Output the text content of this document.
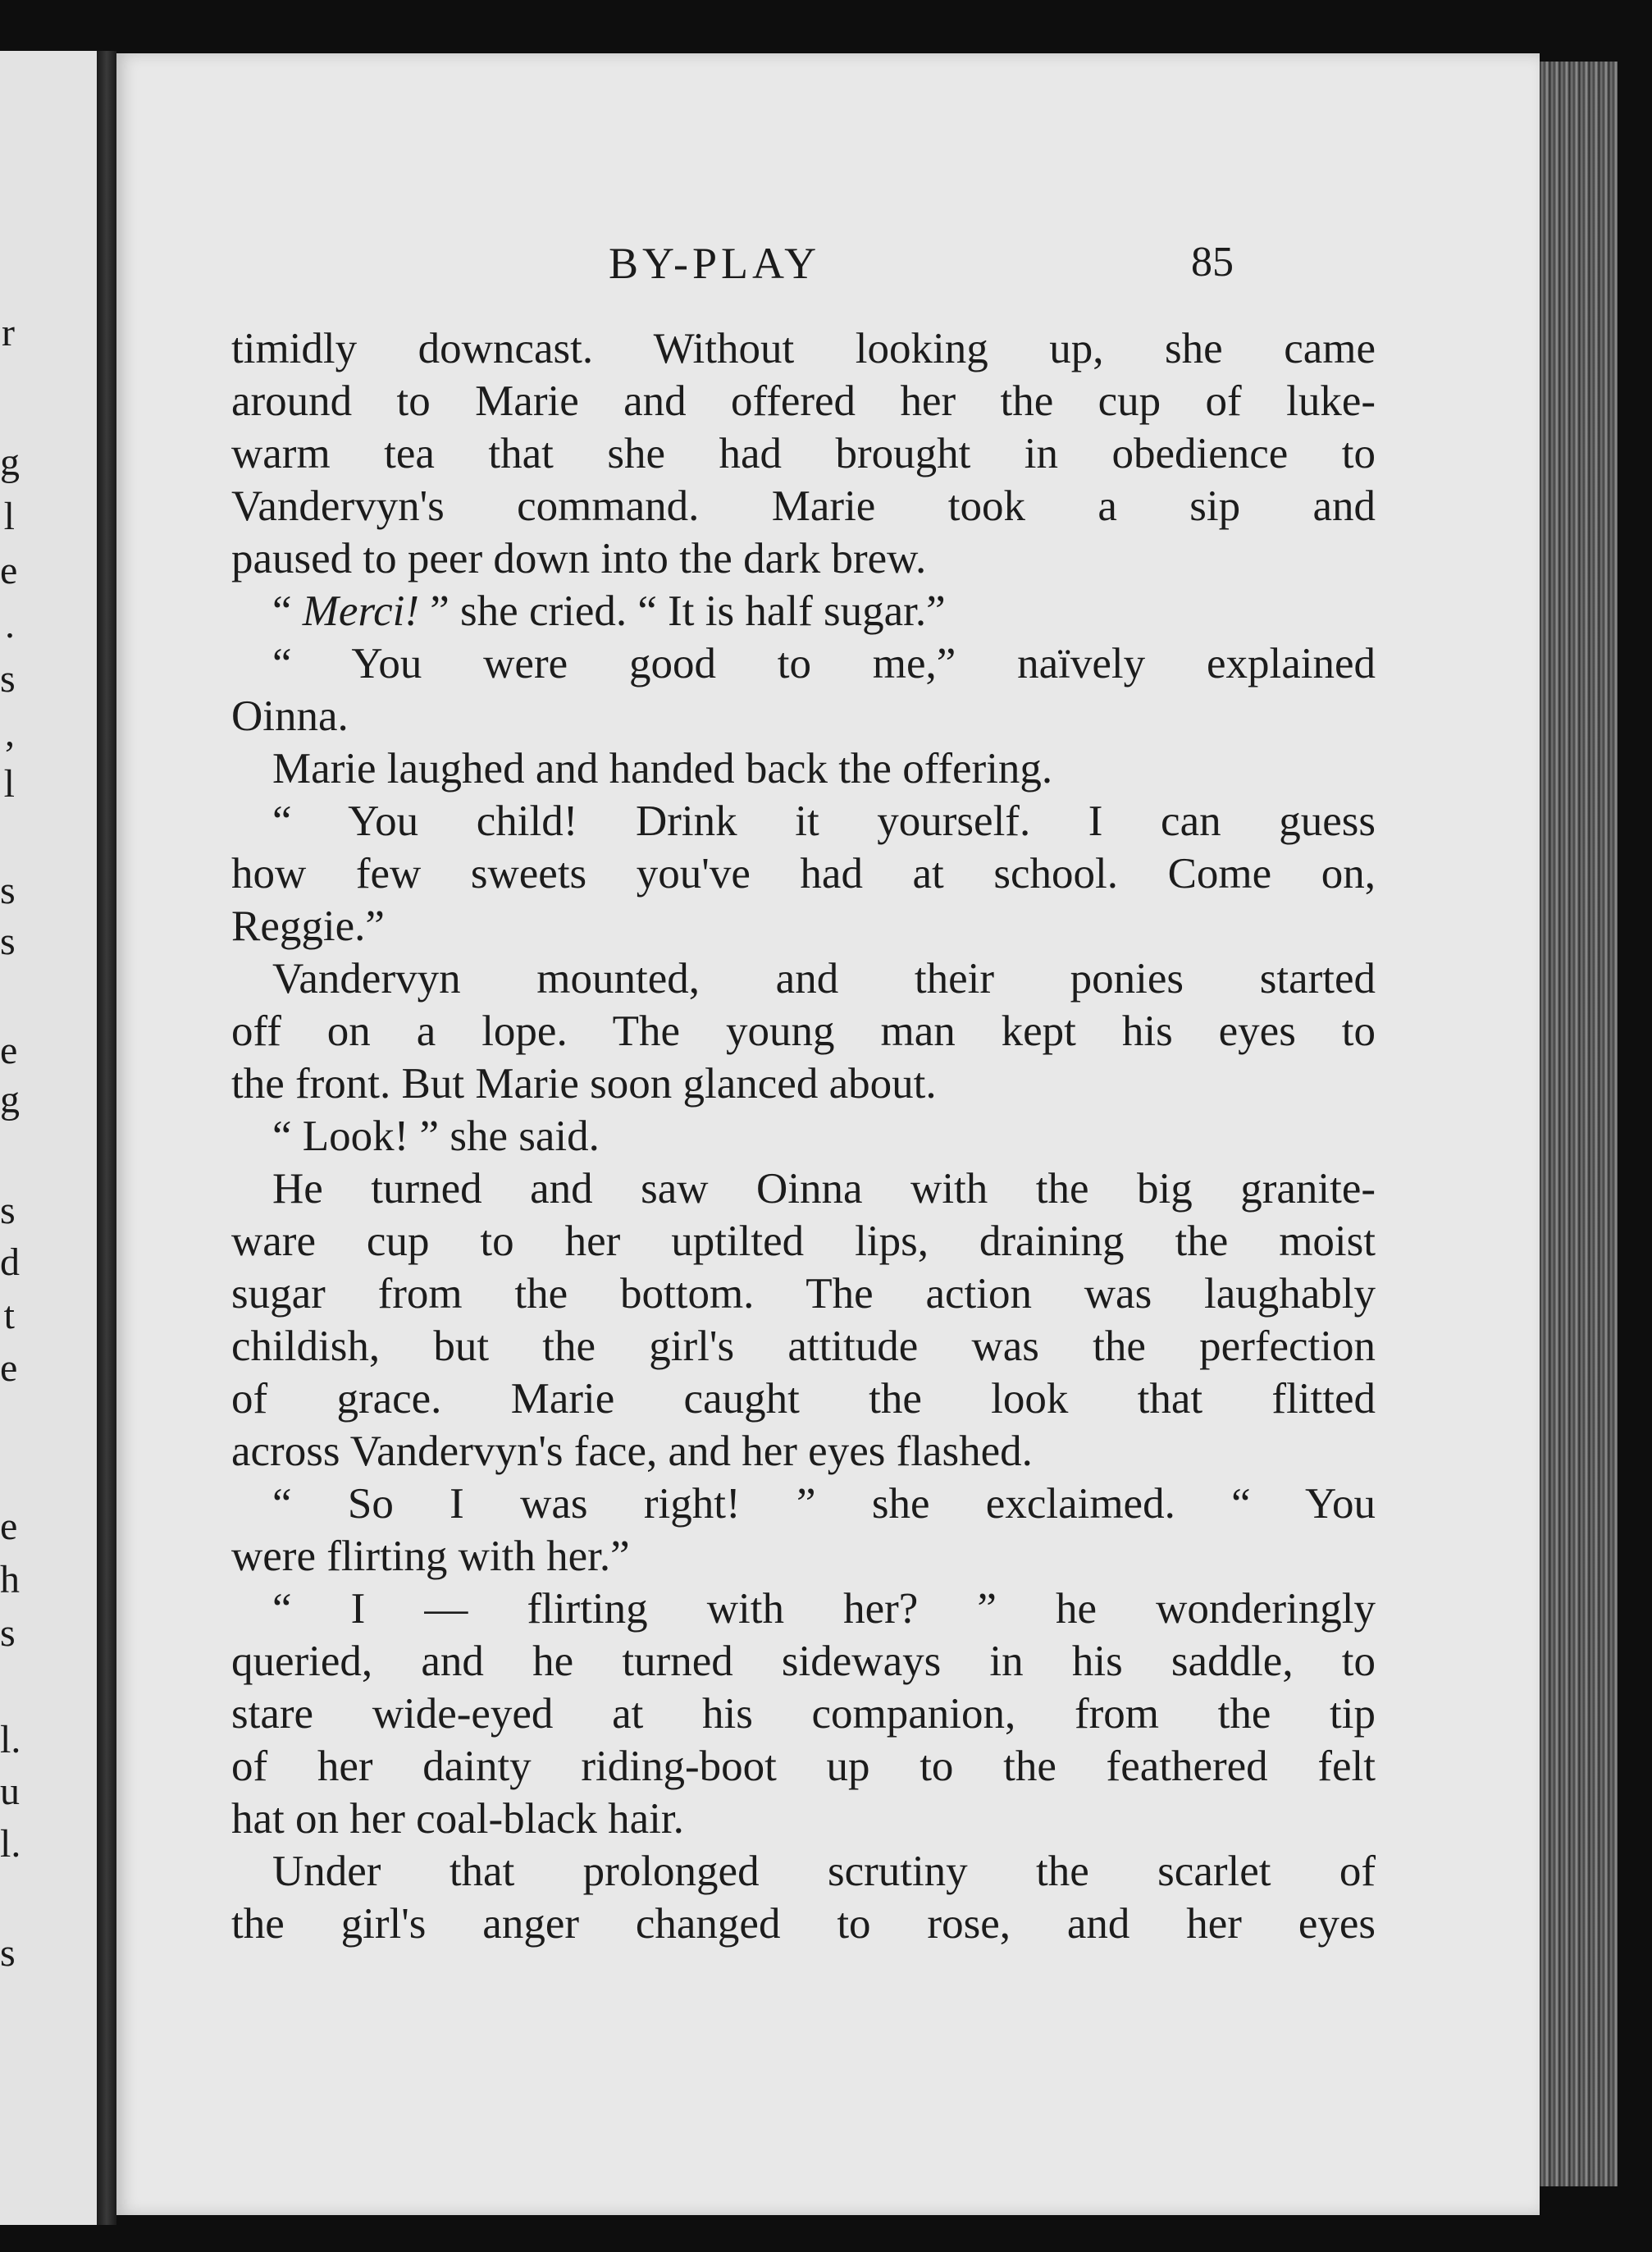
r
g
l
e
.
s
,
l
s
s
e
g
s
d
t
e
e
h
s
l.
u
l.
s
BY-PLAY	85
timidly downcast. Without looking up, she came
around to Marie and offered her the cup of luke-
warm tea that she had brought in obedience to
Vandervyn's command. Marie took a sip and
paused to peer down into the dark brew.
“ Merci! ” she cried. “ It is half sugar.”
“ You were good to me,” naïvely explained
Oinna.
Marie laughed and handed back the offering.
“ You child! Drink it yourself. I can guess
how few sweets you've had at school. Come on,
Reggie.”
Vandervyn mounted, and their ponies started
off on a lope. The young man kept his eyes to
the front. But Marie soon glanced about.
“ Look! ” she said.
He turned and saw Oinna with the big granite-
ware cup to her uptilted lips, draining the moist
sugar from the bottom. The action was laughably
childish, but the girl's attitude was the perfection
of grace. Marie caught the look that flitted
across Vandervyn's face, and her eyes flashed.
“ So I was right! ” she exclaimed. “ You
were flirting with her.”
“ I — flirting with her? ” he wonderingly
queried, and he turned sideways in his saddle, to
stare wide-eyed at his companion, from the tip
of her dainty riding-boot up to the feathered felt
hat on her coal-black hair.
Under that prolonged scrutiny the scarlet of
the girl's anger changed to rose, and her eyes
